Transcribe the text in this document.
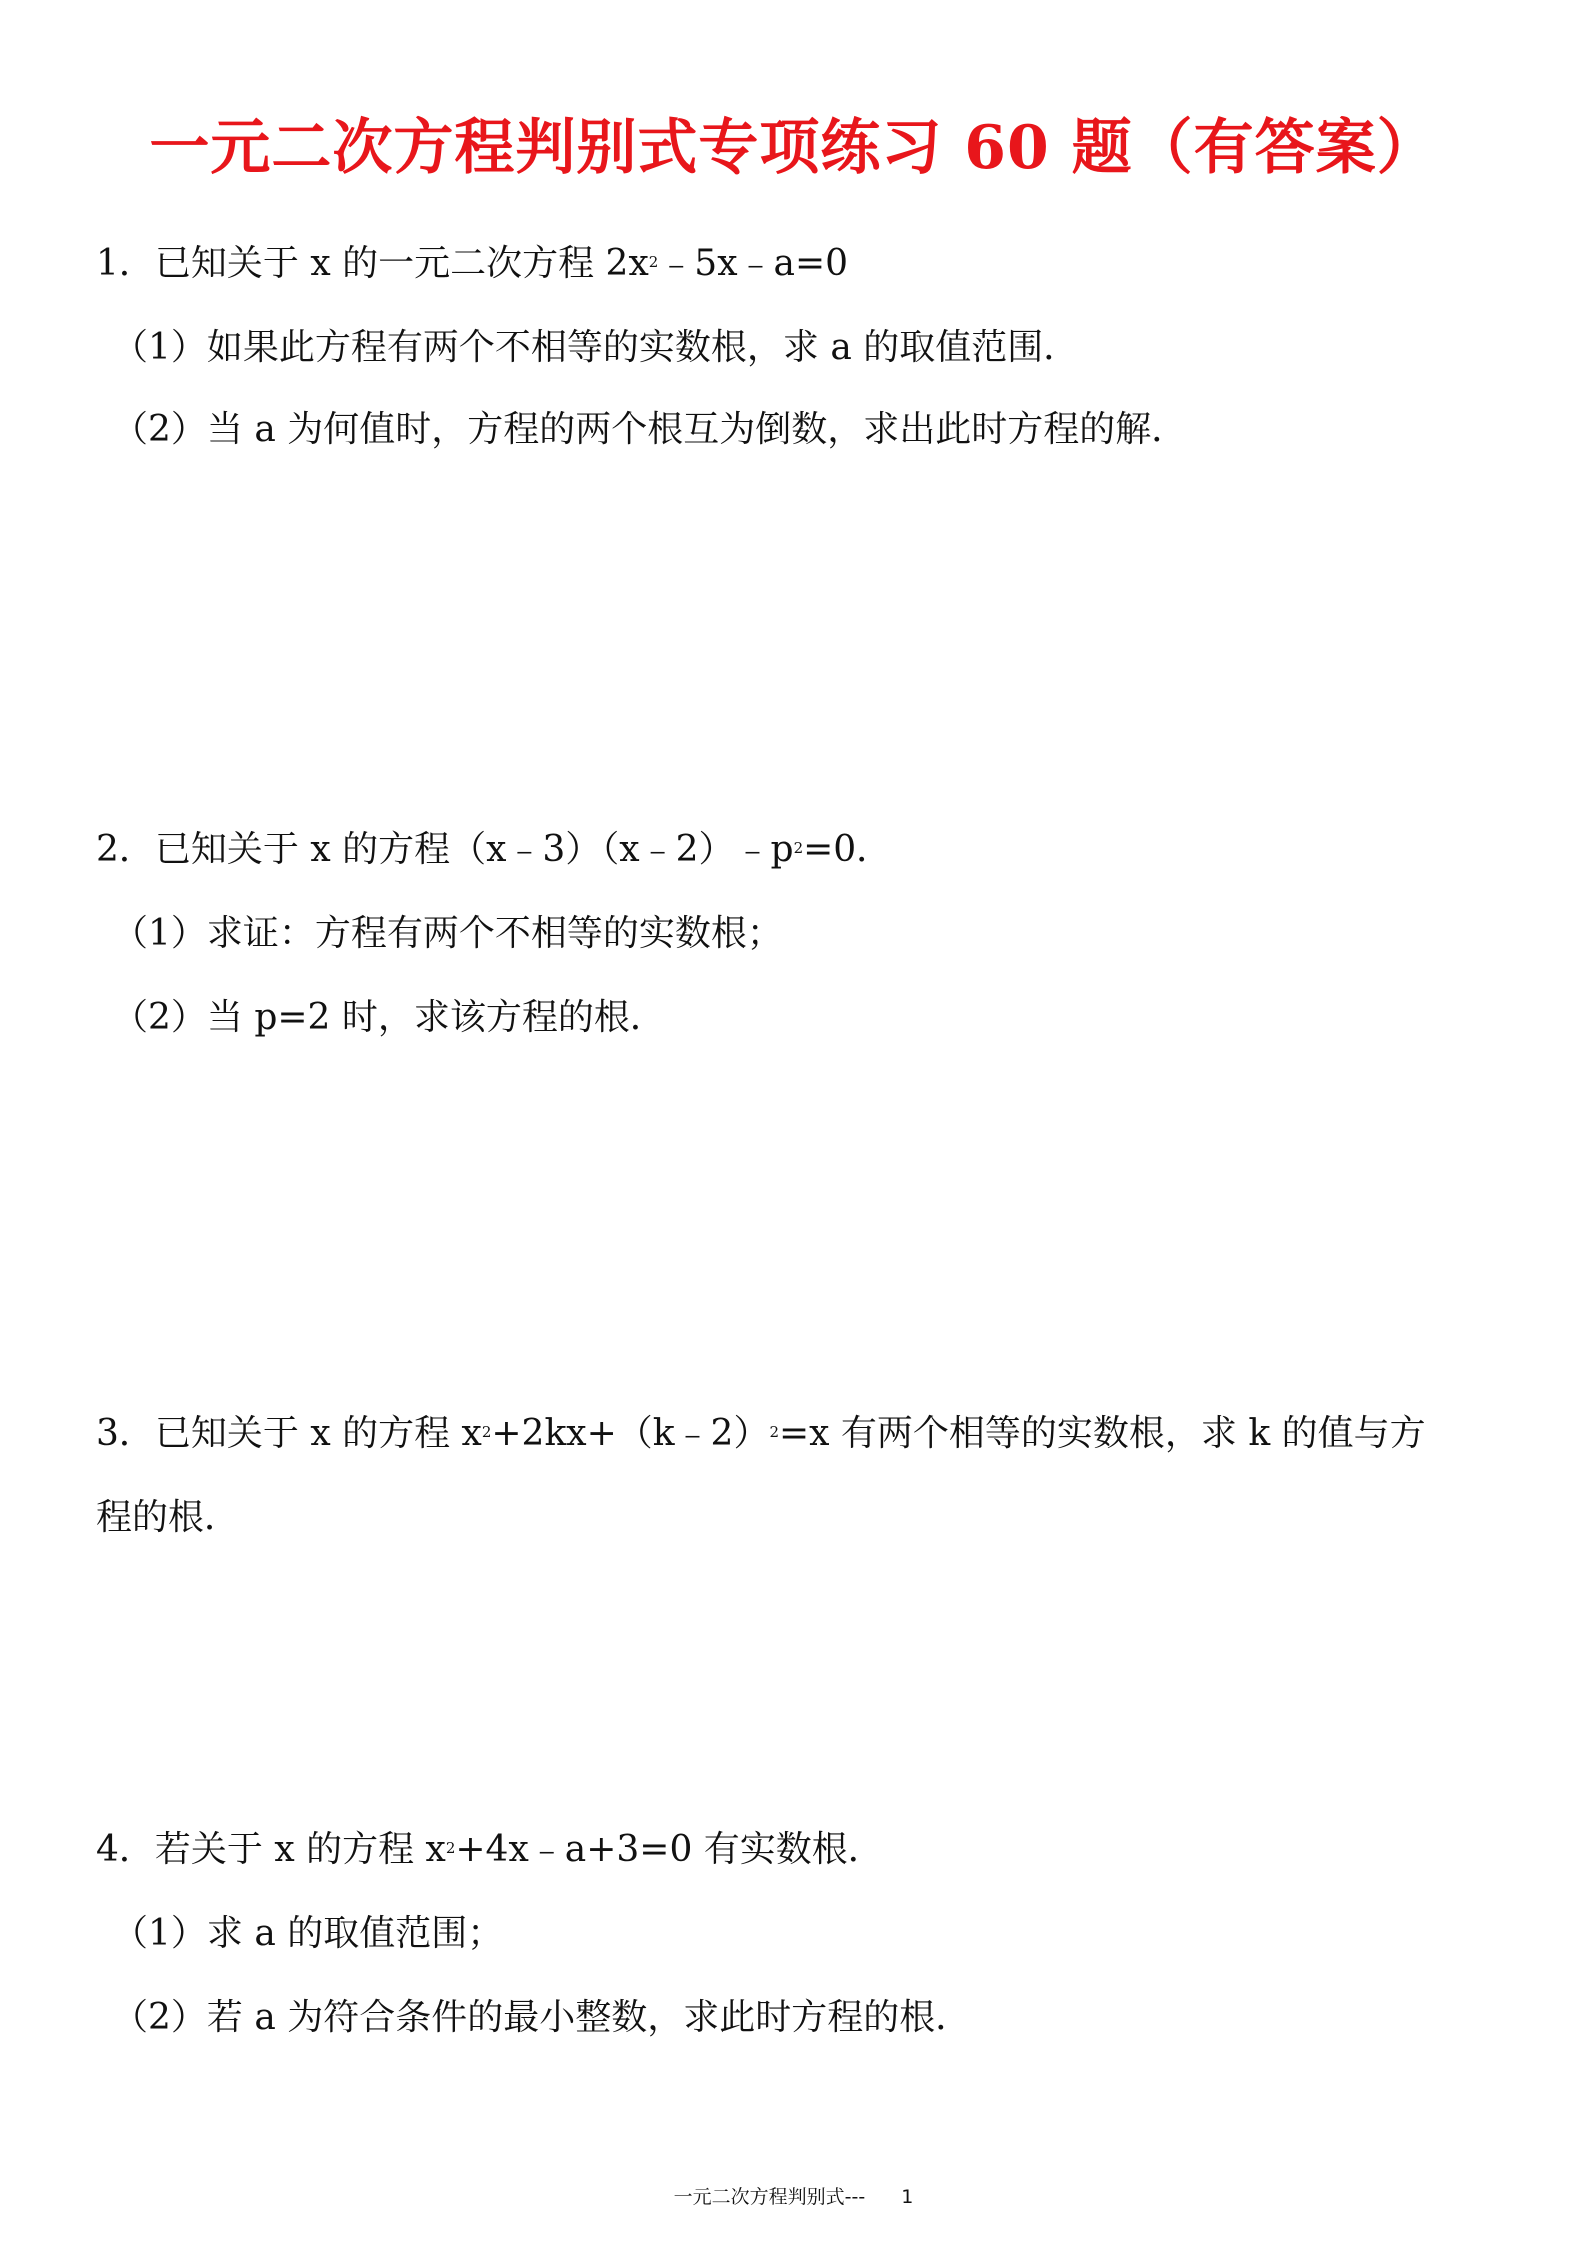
一元二次方程判别式专项练习 60 题（有答案）
1．已知关于 x 的一元二次方程 $2x^2﹣5x﹣a=0$
（1）如果此方程有两个不相等的实数根，求 a 的取值范围．
（2）当 a 为何值时，方程的两个根互为倒数，求出此时方程的解．
2．已知关于 x 的方程$(x﹣3)(x﹣2)﹣p^2=0$．
（1）求证：方程有两个不相等的实数根；
（2）当 p=2 时，求该方程的根．
3．已知关于 x 的方程 $x^2+2kx+(k﹣2)^2=x$ 有两个相等的实数根，求 k 的值与方
程的根．
4．若关于 x 的方程 $x^2+4x﹣a+3=0$ 有实数根．
（1）求 a 的取值范围；
（2）若 a 为符合条件的最小整数，求此时方程的根．
一元二次方程判别式--- 1
